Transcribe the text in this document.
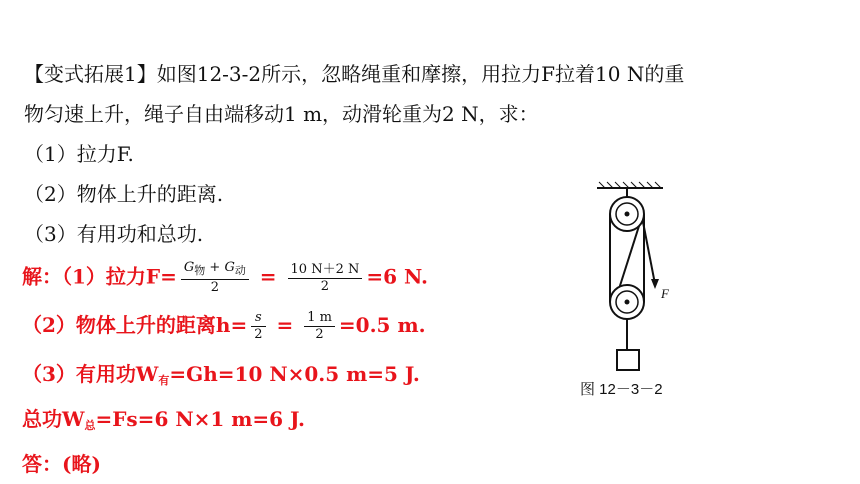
【变式拓展1】如图12-3-2所示，忽略绳重和摩擦，用拉力F拉着10 N的重
物匀速上升，绳子自由端移动1 m，动滑轮重为2 N，求：
（1）拉力F.
（2）物体上升的距离.
（3）有用功和总功.
解：（1）拉力$F= \frac{G_物 + G_动}{2} = \frac{10 N+2 N}{2} =6$ N.
（2）物体上升的距离$h= \frac{s}{2} = \frac{1 m}{2} =0.5$ m.
（3）有用功$W_有=Gh=10$ N×0.5 m=5 J.
总功$W_总=Fs=6$ N×1 m=6 J.
答：(略)
F
图 12－3－2
